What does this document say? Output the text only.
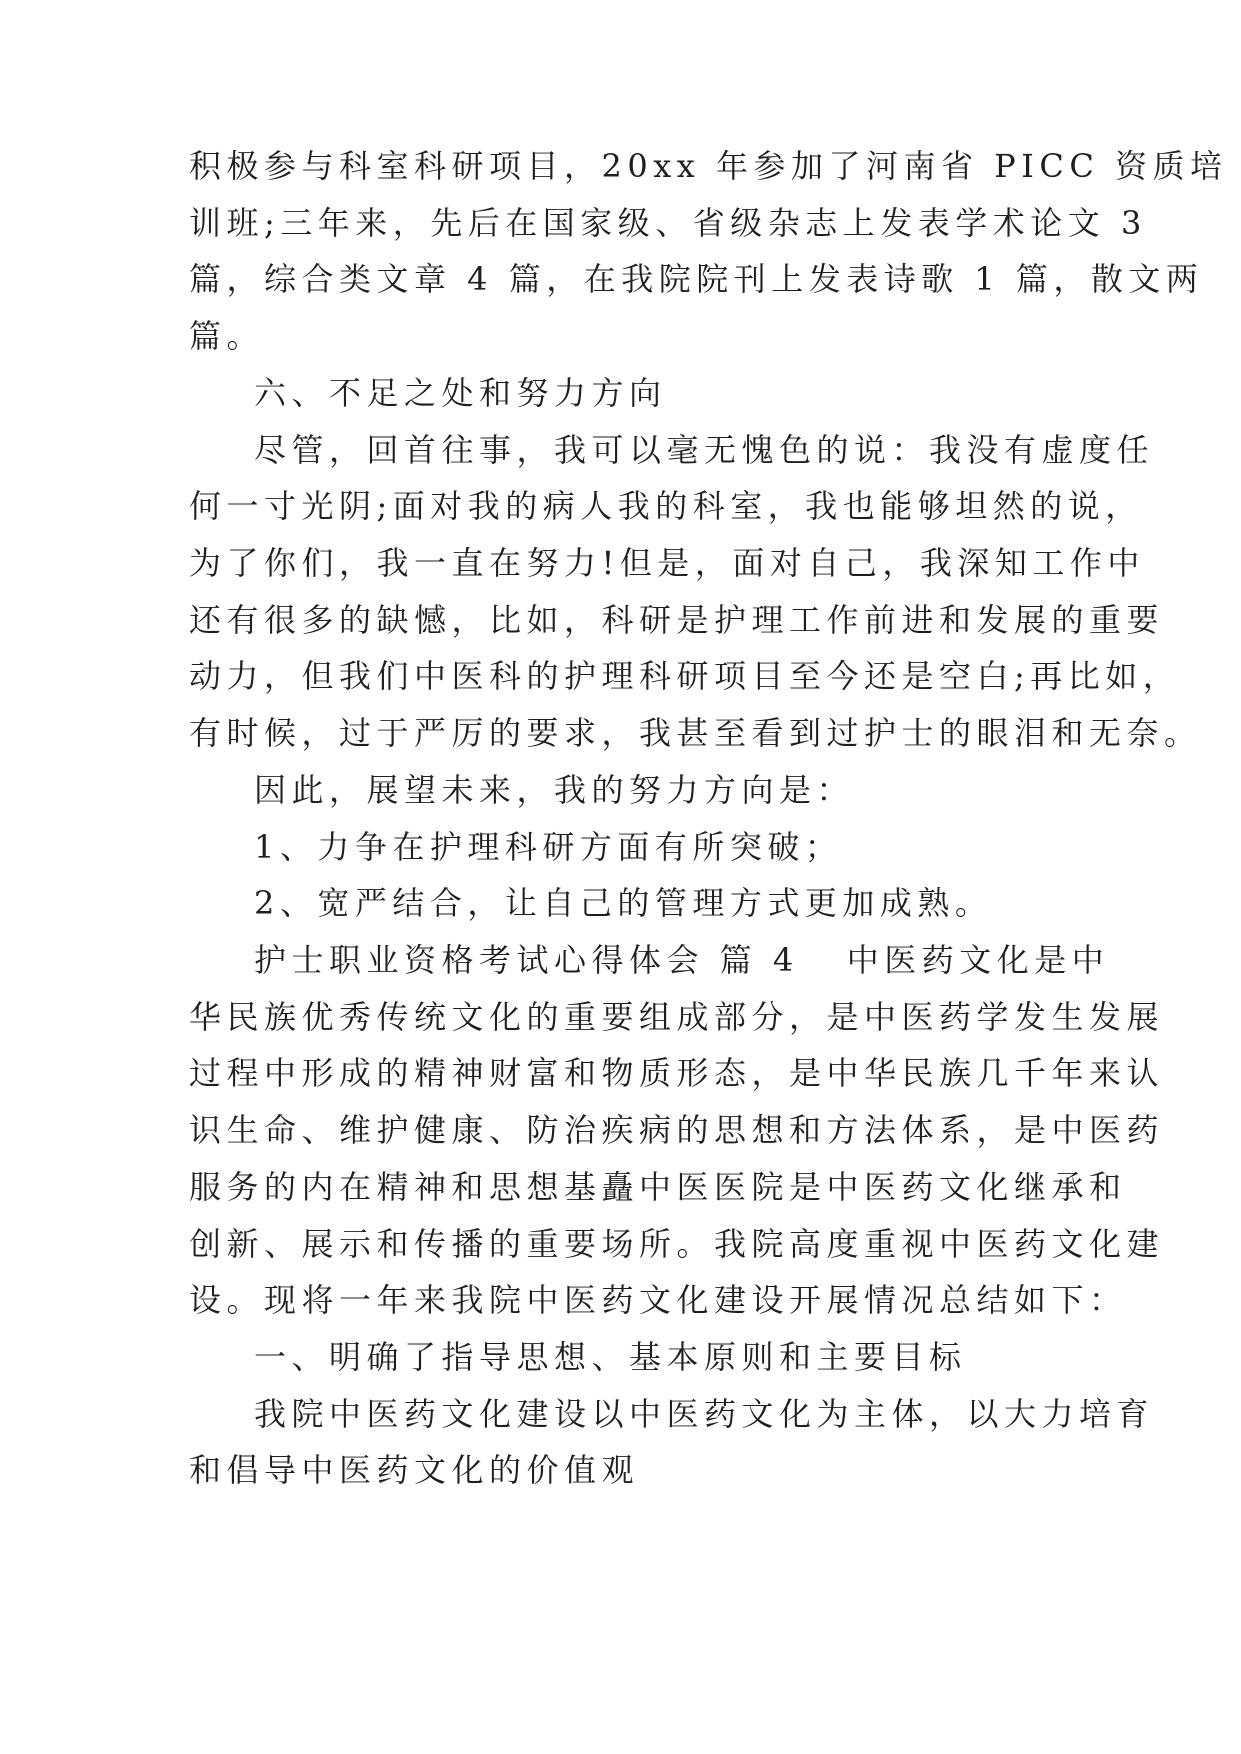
积极参与科室科研项目，20xx 年参加了河南省 PICC 资质培

训班;三年来，先后在国家级、省级杂志上发表学术论文 3

篇，综合类文章 4 篇，在我院院刊上发表诗歌 1 篇，散文两

篇。

六、不足之处和努力方向

尽管，回首往事，我可以毫无愧色的说：我没有虚度任

何一寸光阴;面对我的病人我的科室，我也能够坦然的说，

为了你们，我一直在努力!但是，面对自己，我深知工作中

还有很多的缺憾，比如，科研是护理工作前进和发展的重要

动力，但我们中医科的护理科研项目至今还是空白;再比如，

有时候，过于严厉的要求，我甚至看到过护士的眼泪和无奈。

因此，展望未来，我的努力方向是：

1、力争在护理科研方面有所突破；

2、宽严结合，让自己的管理方式更加成熟。

护士职业资格考试心得体会 篇 4 中医药文化是中

华民族优秀传统文化的重要组成部分，是中医药学发生发展

过程中形成的精神财富和物质形态，是中华民族几千年来认

识生命、维护健康、防治疾病的思想和方法体系，是中医药

服务的内在精神和思想基矗中医医院是中医药文化继承和

创新、展示和传播的重要场所。我院高度重视中医药文化建

设。现将一年来我院中医药文化建设开展情况总结如下：

一、明确了指导思想、基本原则和主要目标

我院中医药文化建设以中医药文化为主体，以大力培育

和倡导中医药文化的价值观
